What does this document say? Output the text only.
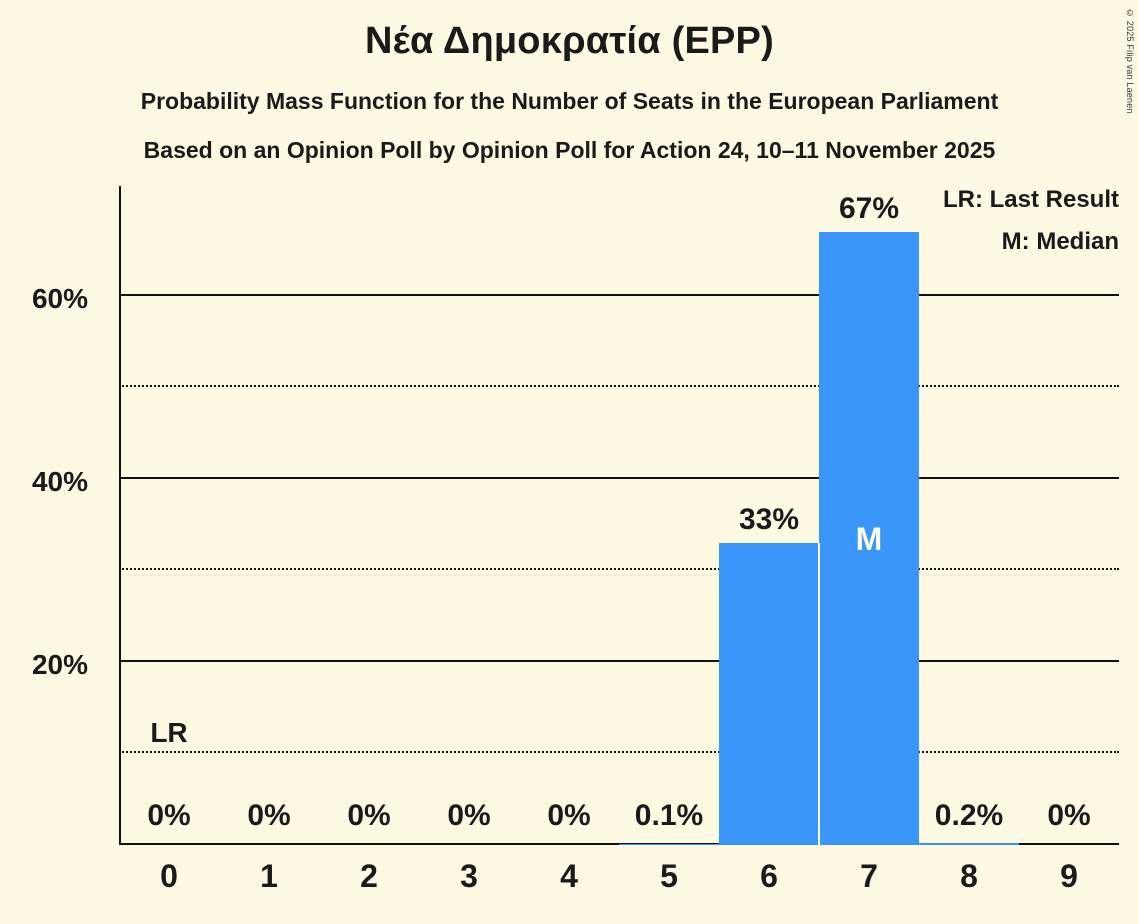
Νέα Δημοκρατία (EPP)
Probability Mass Function for the Number of Seats in the European Parliament
Based on an Opinion Poll by Opinion Poll for Action 24, 10–11 November 2025
© 2025 Filip van Laenen
LR: Last Result
M: Median
20%
40%
60%
0%	0%	0%	0%	0%	0.1%
33%
67%
0.2%	0%
M
LR
0	1	2	3	4	5	6	7	8	9
